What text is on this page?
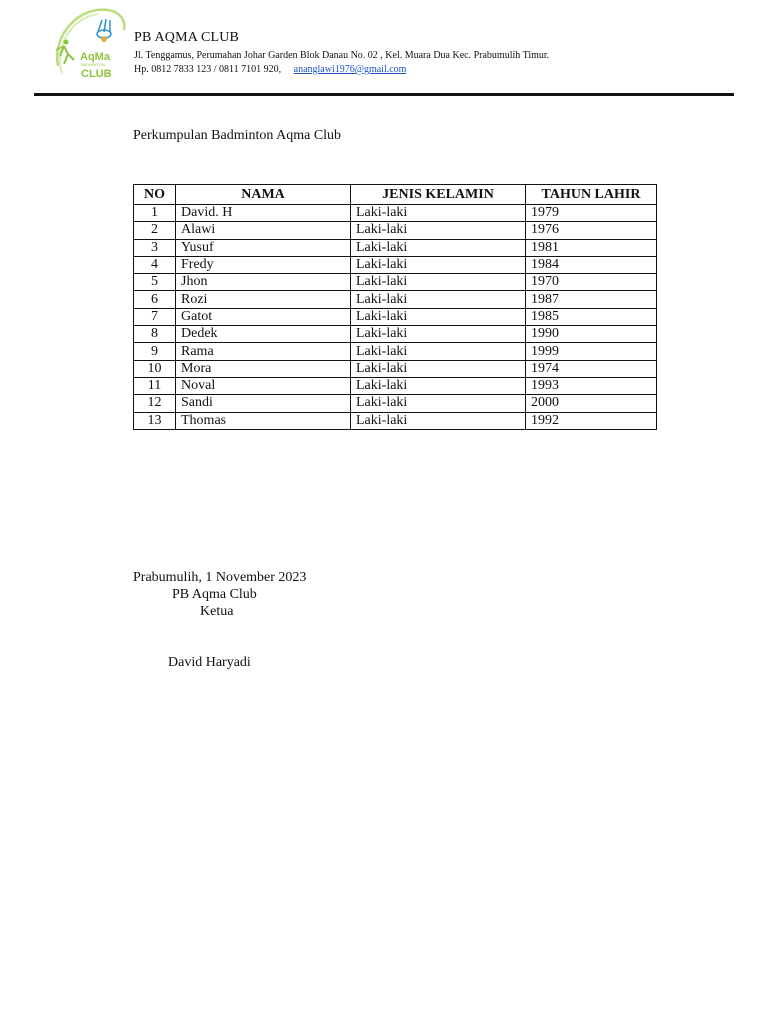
AqMa
BADMINTON
CLUB
PB AQMA CLUB
Jl. Tenggamus, Perumahan Johar Garden Blok Danau No. 02 , Kel. Muara Dua Kec. Prabumulih Timur.
Hp. 0812 7833 123 / 0811 7101 920, ananglawi1976@gmail.com
Perkumpulan Badminton Aqma Club
NO	NAMA	JENIS KELAMIN	TAHUN LAHIR
1	David. H	Laki-laki	1979
2	Alawi	Laki-laki	1976
3	Yusuf	Laki-laki	1981
4	Fredy	Laki-laki	1984
5	Jhon	Laki-laki	1970
6	Rozi	Laki-laki	1987
7	Gatot	Laki-laki	1985
8	Dedek	Laki-laki	1990
9	Rama	Laki-laki	1999
10	Mora	Laki-laki	1974
11	Noval	Laki-laki	1993
12	Sandi	Laki-laki	2000
13	Thomas	Laki-laki	1992
Prabumulih, 1 November 2023
PB Aqma Club
Ketua
David Haryadi
